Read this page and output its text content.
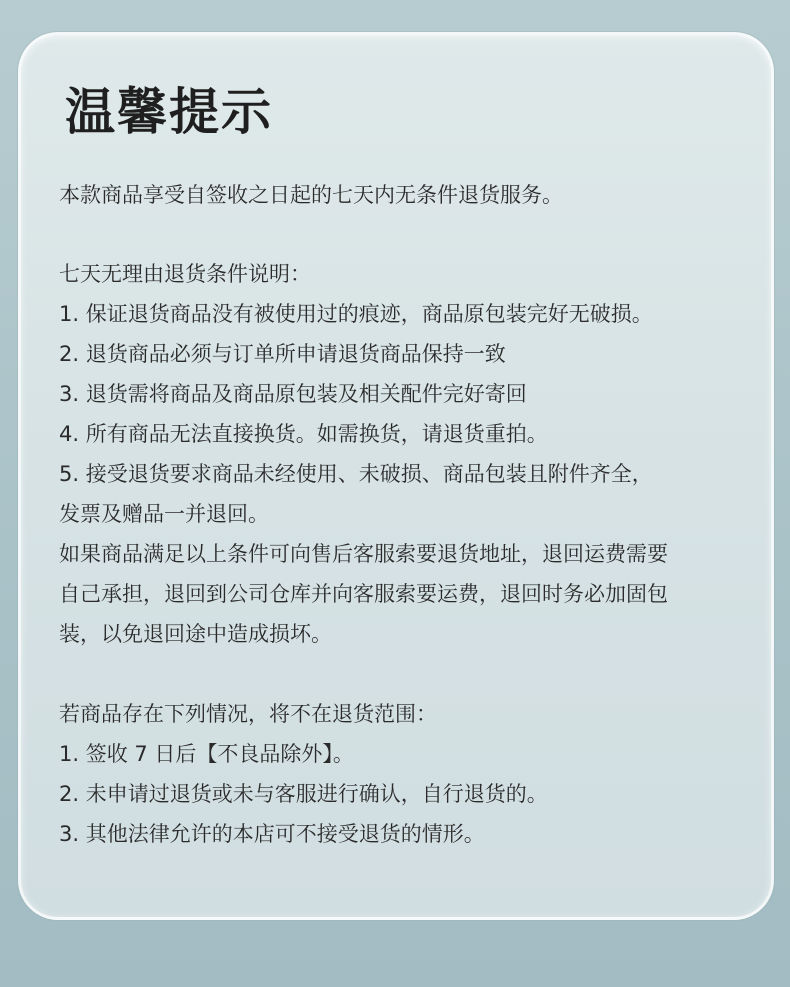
温馨提示

本款商品享受自签收之日起的七天内无条件退货服务。

七天无理由退货条件说明：

1. 保证退货商品没有被使用过的痕迹，商品原包装完好无破损。

2. 退货商品必须与订单所申请退货商品保持一致

3. 退货需将商品及商品原包装及相关配件完好寄回

4. 所有商品无法直接换货。如需换货，请退货重拍。

5. 接受退货要求商品未经使用、未破损、商品包装且附件齐全，

发票及赠品一并退回。

如果商品满足以上条件可向售后客服索要退货地址，退回运费需要

自己承担，退回到公司仓库并向客服索要运费，退回时务必加固包

装，以免退回途中造成损坏。

若商品存在下列情况，将不在退货范围：

1. 签收 7 日后【不良品除外】。

2. 未申请过退货或未与客服进行确认，自行退货的。

3. 其他法律允许的本店可不接受退货的情形。
